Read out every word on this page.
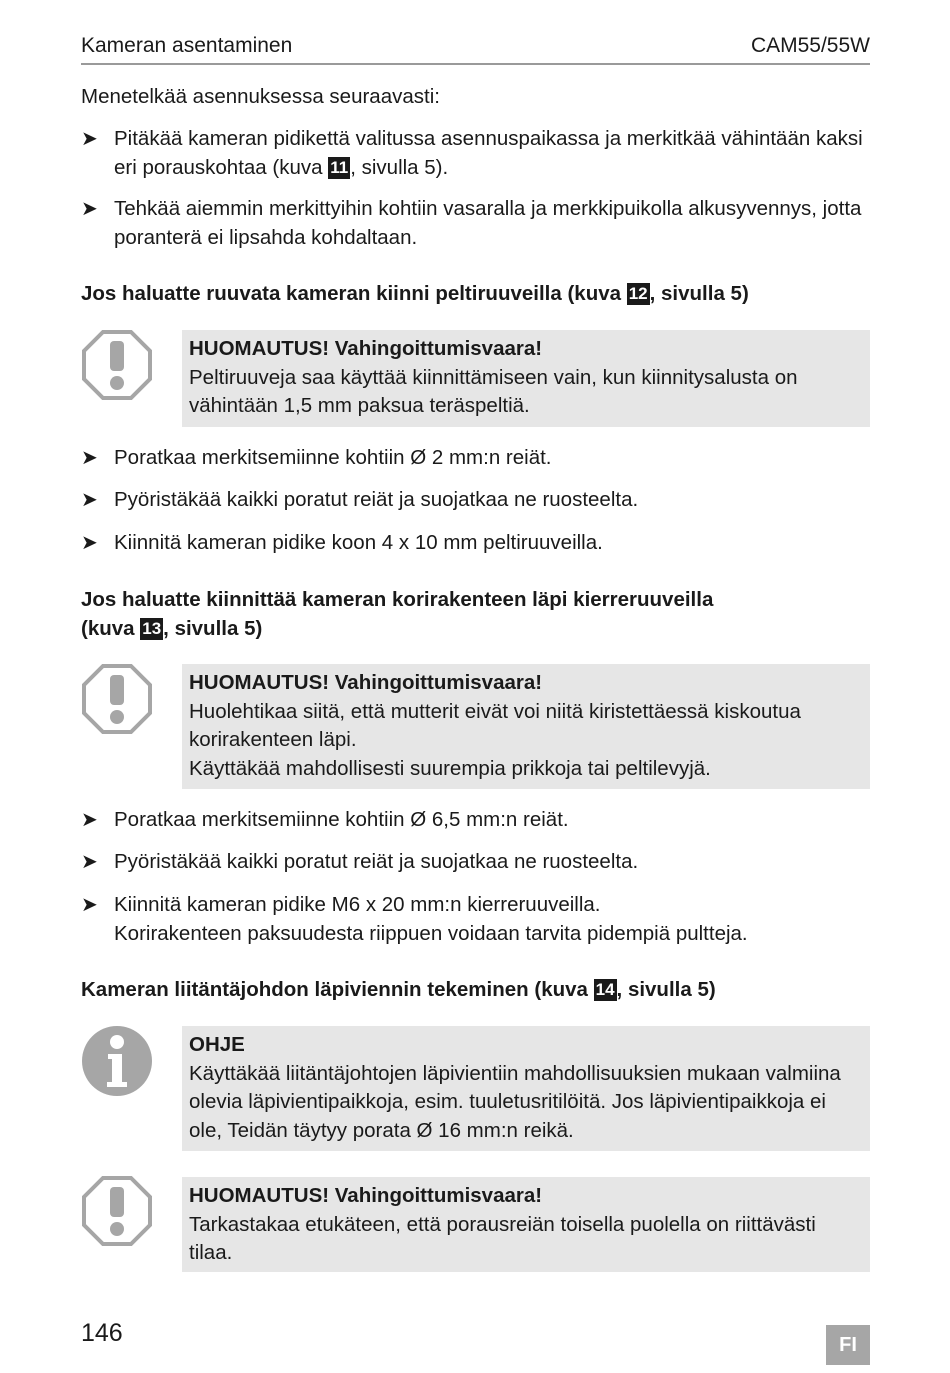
Kameran asentaminen	CAM55/55W
Menetelkää asennuksessa seuraavasti:
➤ Pitäkää kameran pidikettä valitussa asennuspaikassa ja merkitkää vähintään kaksi eri porauskohtaa (kuva 11, sivulla 5).
➤ Tehkää aiemmin merkittyihin kohtiin vasaralla ja merkkipuikolla alkusyvennys, jotta poranterä ei lipsahda kohdaltaan.
Jos haluatte ruuvata kameran kiinni peltiruuveilla (kuva 12, sivulla 5)
HUOMAUTUS! Vahingoittumisvaara!
Peltiruuveja saa käyttää kiinnittämiseen vain, kun kiinnitysalusta on vähintään 1,5 mm paksua teräspeltiä.
➤ Poratkaa merkitsemiinne kohtiin Ø 2 mm:n reiät.
➤ Pyöristäkää kaikki poratut reiät ja suojatkaa ne ruosteelta.
➤ Kiinnitä kameran pidike koon 4 x 10 mm peltiruuveilla.
Jos haluatte kiinnittää kameran korirakenteen läpi kierreruuveilla
(kuva 13, sivulla 5)
HUOMAUTUS! Vahingoittumisvaara!
Huolehtikaa siitä, että mutterit eivät voi niitä kiristettäessä kiskoutua korirakenteen läpi.
Käyttäkää mahdollisesti suurempia prikkoja tai peltilevyjä.
➤ Poratkaa merkitsemiinne kohtiin Ø 6,5 mm:n reiät.
➤ Pyöristäkää kaikki poratut reiät ja suojatkaa ne ruosteelta.
➤ Kiinnitä kameran pidike M6 x 20 mm:n kierreruuveilla.
Korirakenteen paksuudesta riippuen voidaan tarvita pidempiä pultteja.
Kameran liitäntäjohdon läpiviennin tekeminen (kuva 14, sivulla 5)
OHJE
Käyttäkää liitäntäjohtojen läpivientiin mahdollisuuksien mukaan valmiina olevia läpivientipaikkoja, esim. tuuletusritilöitä. Jos läpivientipaikkoja ei ole, Teidän täytyy porata Ø 16 mm:n reikä.
HUOMAUTUS! Vahingoittumisvaara!
Tarkastakaa etukäteen, että porausreiän toisella puolella on riittävästi tilaa.
146	FI
